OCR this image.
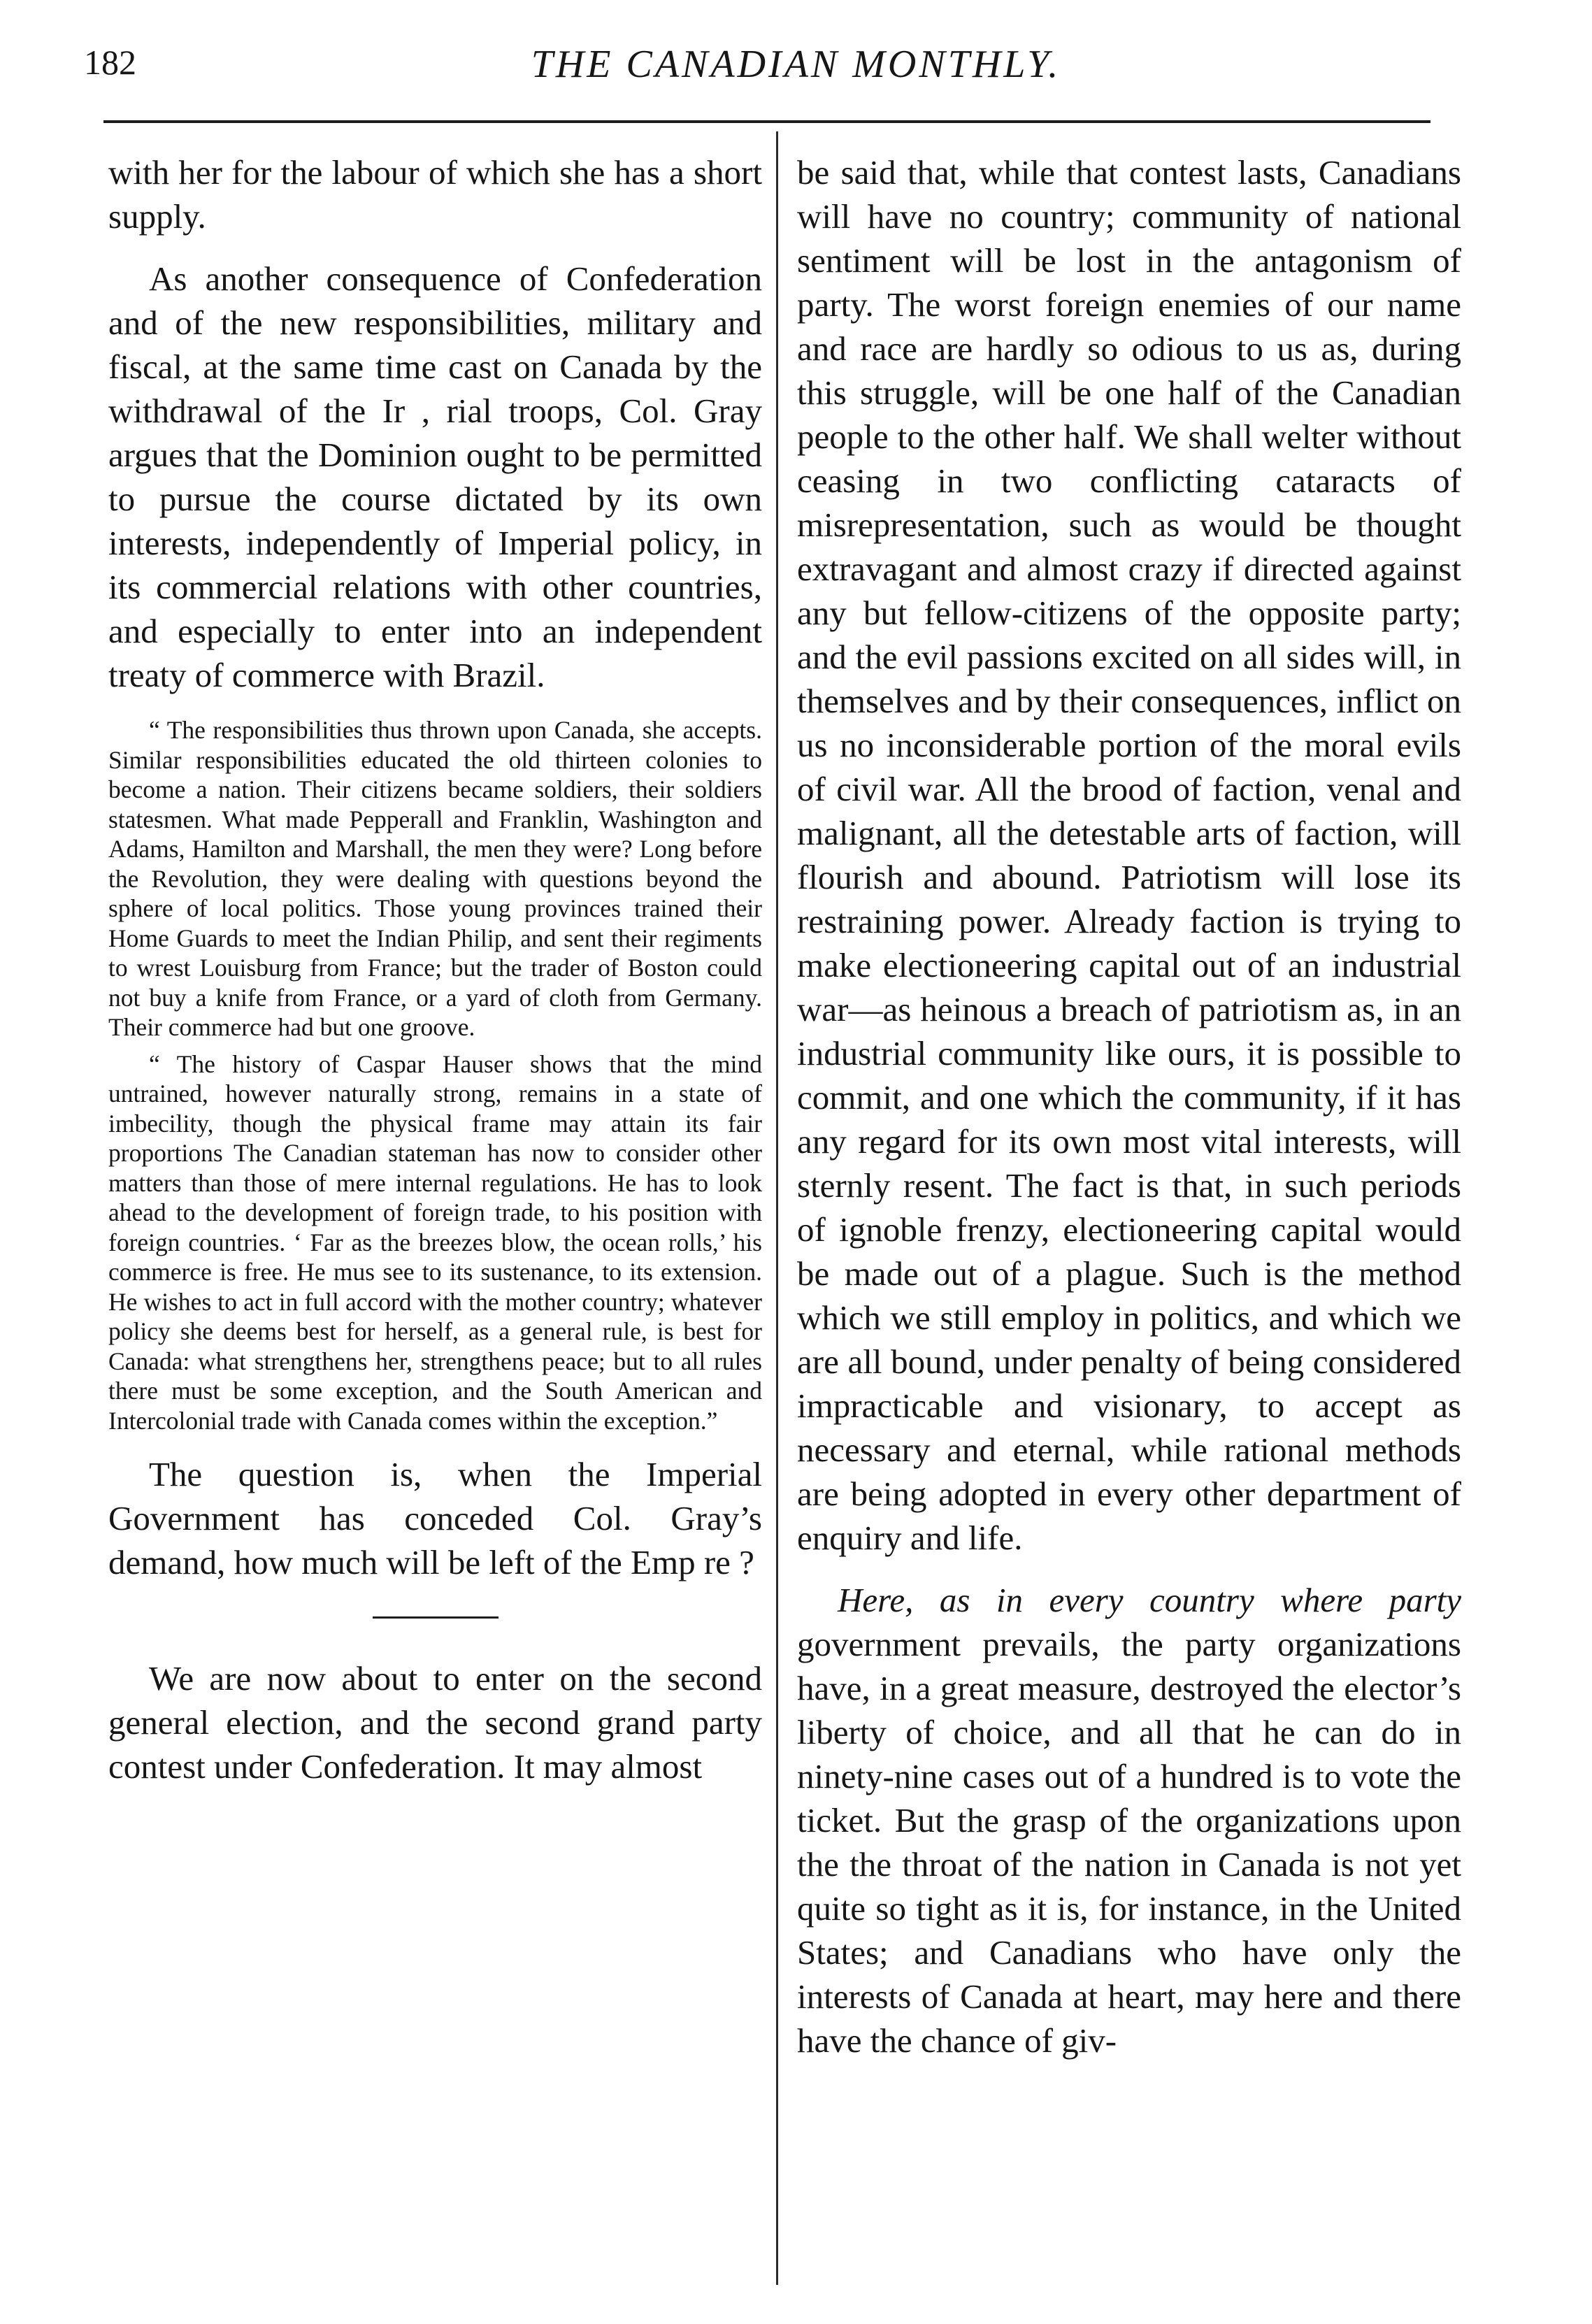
182	THE CANADIAN MONTHLY.

with her for the labour of which she has a short supply.

As another consequence of Confederation and of the new responsibilities, military and fiscal, at the same time cast on Canada by the withdrawal of the Ir , rial troops, Col. Gray argues that the Dominion ought to be permitted to pursue the course dictated by its own interests, independently of Imperial policy, in its commercial relations with other countries, and especially to enter into an independent treaty of commerce with Brazil.

“ The responsibilities thus thrown upon Canada, she accepts. Similar responsibilities educated the old thirteen colonies to become a nation. Their citizens became soldiers, their soldiers statesmen. What made Pepperall and Franklin, Washington and Adams, Hamilton and Marshall, the men they were? Long before the Revolution, they were dealing with questions beyond the sphere of local politics. Those young provinces trained their Home Guards to meet the Indian Philip, and sent their regiments to wrest Louisburg from France; but the trader of Boston could not buy a knife from France, or a yard of cloth from Germany. Their commerce had but one groove.

“ The history of Caspar Hauser shows that the mind untrained, however naturally strong, remains in a state of imbecility, though the physical frame may attain its fair proportions The Canadian stateman has now to consider other matters than those of mere internal regulations. He has to look ahead to the development of foreign trade, to his position with foreign countries. ‘ Far as the breezes blow, the ocean rolls,’ his commerce is free. He mus see to its sustenance, to its extension. He wishes to act in full accord with the mother country; whatever policy she deems best for herself, as a general rule, is best for Canada: what strengthens her, strengthens peace; but to all rules there must be some exception, and the South American and Intercolonial trade with Canada comes within the exception.”

The question is, when the Imperial Government has conceded Col. Gray’s demand, how much will be left of the Emp re ?

We are now about to enter on the second general election, and the second grand party contest under Confederation. It may almost

be said that, while that contest lasts, Canadians will have no country; community of national sentiment will be lost in the antagonism of party. The worst foreign enemies of our name and race are hardly so odious to us as, during this struggle, will be one half of the Canadian people to the other half. We shall welter without ceasing in two conflicting cataracts of misrepresentation, such as would be thought extravagant and almost crazy if directed against any but fellow-citizens of the opposite party; and the evil passions excited on all sides will, in themselves and by their consequences, inflict on us no inconsiderable portion of the moral evils of civil war. All the brood of faction, venal and malignant, all the detestable arts of faction, will flourish and abound. Patriotism will lose its restraining power. Already faction is trying to make electioneering capital out of an industrial war—as heinous a breach of patriotism as, in an industrial community like ours, it is possible to commit, and one which the community, if it has any regard for its own most vital interests, will sternly resent. The fact is that, in such periods of ignoble frenzy, electioneering capital would be made out of a plague. Such is the method which we still employ in politics, and which we are all bound, under penalty of being considered impracticable and visionary, to accept as necessary and eternal, while rational methods are being adopted in every other department of enquiry and life.

Here, as in every country where party government prevails, the party organizations have, in a great measure, destroyed the elector’s liberty of choice, and all that he can do in ninety-nine cases out of a hundred is to vote the ticket. But the grasp of the organizations upon the the throat of the nation in Canada is not yet quite so tight as it is, for instance, in the United States; and Canadians who have only the interests of Canada at heart, may here and there have the chance of giv-
